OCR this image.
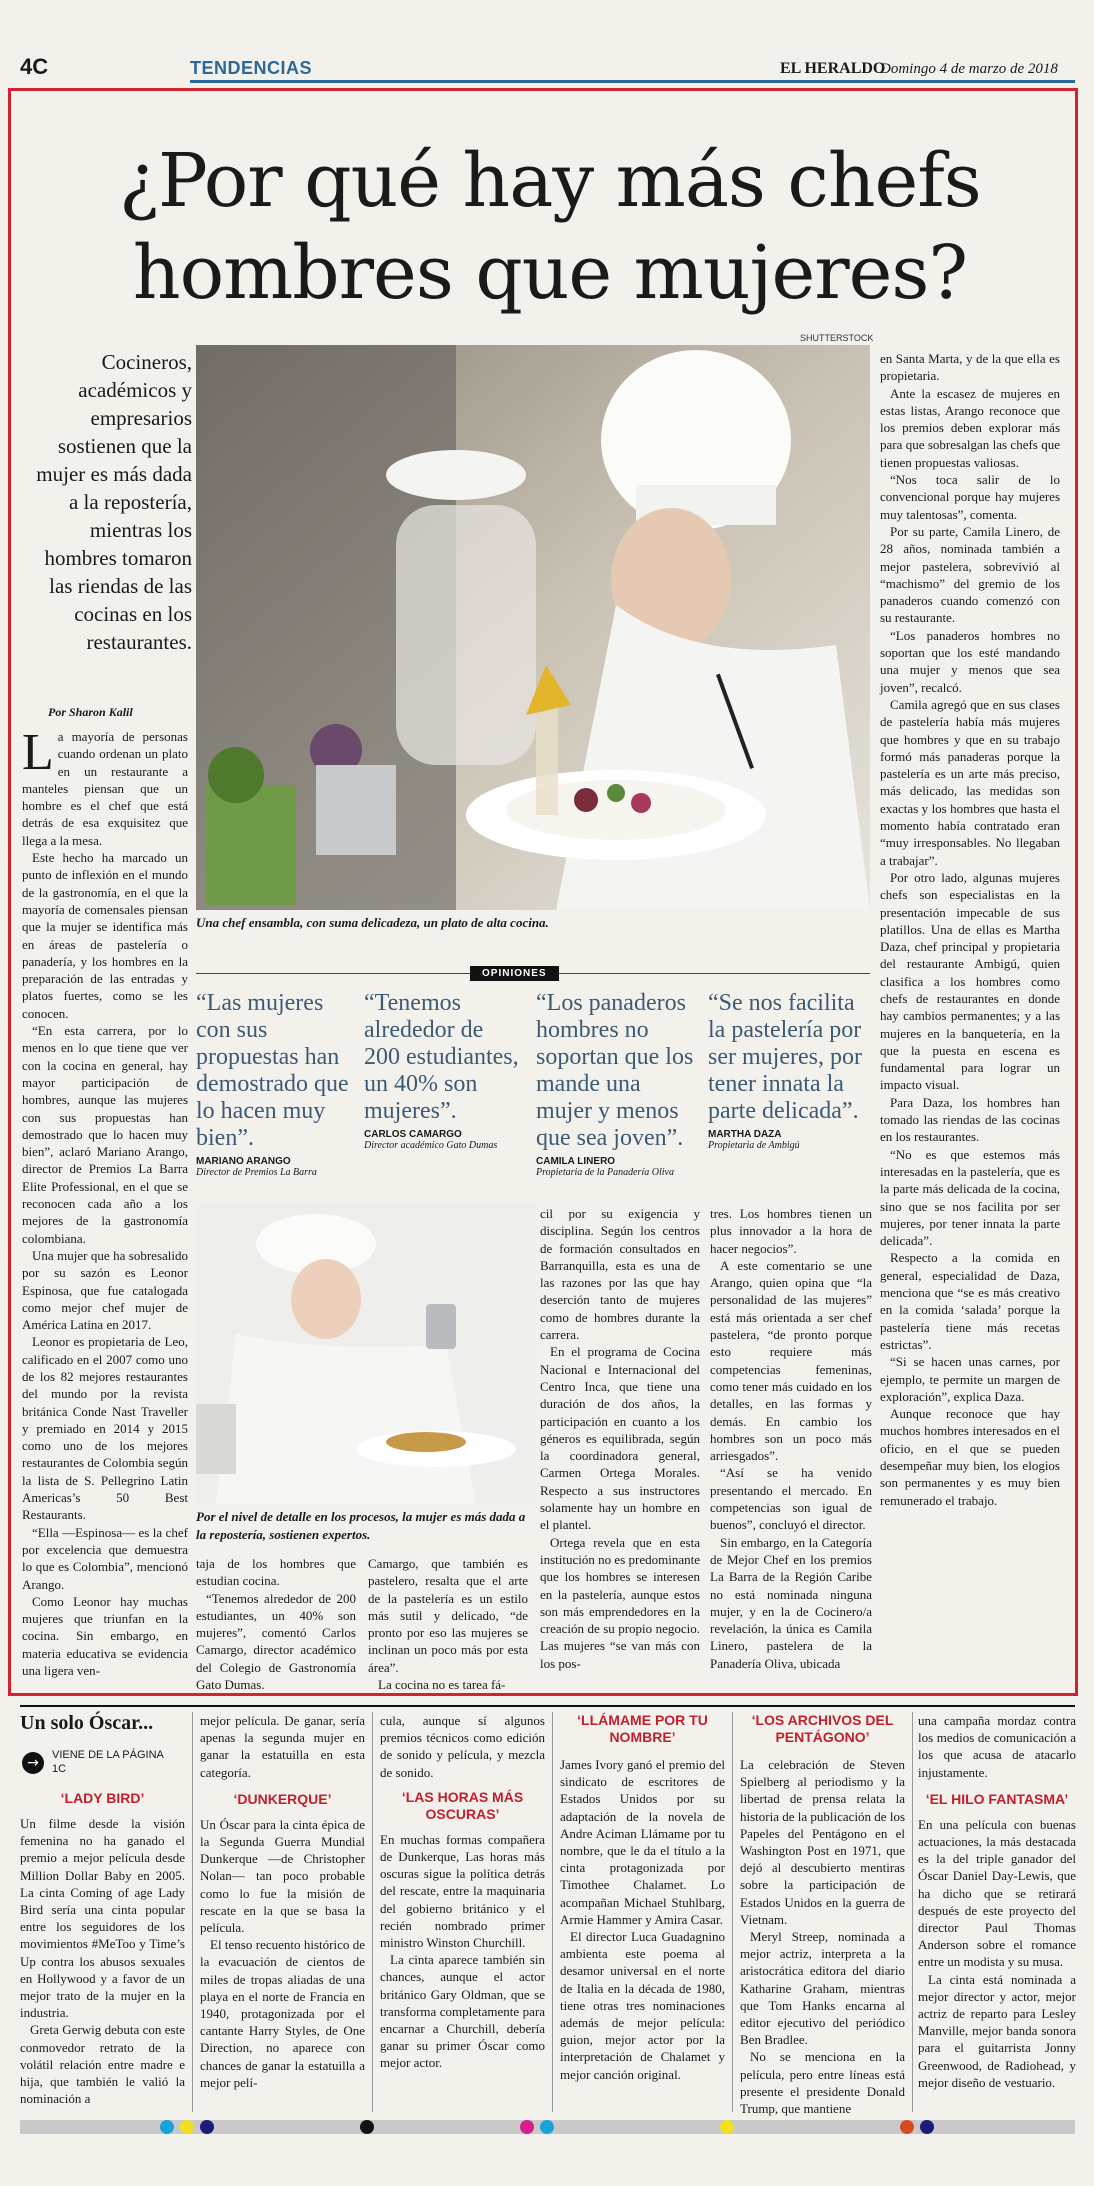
4C	TENDENCIAS	EL HERALDO
Domingo 4 de marzo de 2018
¿Por qué hay más chefs
hombres que mujeres?
SHUTTERSTOCK
Cocineros, académicos y empresarios sostienen que la mujer es más dada a la repostería, mientras los hombres tomaron las riendas de las cocinas en los restaurantes.
Por Sharon Kalil

La mayoría de personas cuando ordenan un plato en un restaurante a manteles piensan que un hombre es el chef que está detrás de esa exquisitez que llega a la mesa.

Este hecho ha marcado un punto de inflexión en el mundo de la gastronomía, en el que la mayoría de comensales piensan que la mujer se identifica más en áreas de pastelería o panadería, y los hombres en la preparación de las entradas y platos fuertes, como se les conocen.

“En esta carrera, por lo menos en lo que tiene que ver con la cocina en general, hay mayor participación de hombres, aunque las mujeres con sus propuestas han demostrado que lo hacen muy bien”, aclaró Mariano Arango, director de Premios La Barra Elite Professional, en el que se reconocen cada año a los mejores de la gastronomía colombiana.

Una mujer que ha sobresalido por su sazón es Leonor Espinosa, que fue catalogada como mejor chef mujer de América Latina en 2017.

Leonor es propietaria de Leo, calificado en el 2007 como uno de los 82 mejores restaurantes del mundo por la revista británica Conde Nast Traveller y premiado en 2014 y 2015 como uno de los mejores restaurantes de Colombia según la lista de S. Pellegrino Latin Americas’s 50 Best Restaurants.

“Ella —Espinosa— es la chef por excelencia que demuestra lo que es Colombia”, mencionó Arango.

Como Leonor hay muchas mujeres que triunfan en la cocina. Sin embargo, en materia educativa se evidencia una ligera ven-

Una chef ensambla, con suma delicadeza, un plato de alta cocina.
OPINIONES
“Las mujeres con sus propuestas han demostrado que lo hacen muy bien”.
MARIANO ARANGO
Director de Premios La Barra
“Tenemos alrededor de 200 estudiantes, un 40% son mujeres”.
CARLOS CAMARGO
Director académico Gato Dumas
“Los panaderos hombres no soportan que los mande una mujer y menos que sea joven”.
CAMILA LINERO
Propietaria de la Panadería Oliva
“Se nos facilita la pastelería por ser mujeres, por tener innata la parte delicada”.
MARTHA DAZA
Propietaria de Ambigú
Por el nivel de detalle en los procesos, la mujer es más dada a la repostería, sostienen expertos.

taja de los hombres que estudian cocina.

“Tenemos alrededor de 200 estudiantes, un 40% son mujeres”, comentó Carlos Camargo, director académico del Colegio de Gastronomía Gato Dumas.

Camargo, que también es pastelero, resalta que el arte de la pastelería es un estilo más sutil y delicado, “de pronto por eso las mujeres se inclinan un poco más por esta área”.

La cocina no es tarea fá-

cil por su exigencia y disciplina. Según los centros de formación consultados en Barranquilla, esta es una de las razones por las que hay deserción tanto de mujeres como de hombres durante la carrera.

En el programa de Cocina Nacional e Internacional del Centro Inca, que tiene una duración de dos años, la participación en cuanto a los géneros es equilibrada, según la coordinadora general, Carmen Ortega Morales. Respecto a sus instructores solamente hay un hombre en el plantel.

Ortega revela que en esta institución no es predominante que los hombres se interesen en la pastelería, aunque estos son más emprendedores en la creación de su propio negocio. Las mujeres “se van más con los pos-

tres. Los hombres tienen un plus innovador a la hora de hacer negocios”.

A este comentario se une Arango, quien opina que “la personalidad de las mujeres” está más orientada a ser chef pastelera, “de pronto porque esto requiere más competencias femeninas, como tener más cuidado en los detalles, en las formas y demás. En cambio los hombres son un poco más arriesgados”.

“Así se ha venido presentando el mercado. En competencias son igual de buenos”, concluyó el director.

Sin embargo, en la Categoría de Mejor Chef en los premios La Barra de la Región Caribe no está nominada ninguna mujer, y en la de Cocinero/a revelación, la única es Camila Linero, pastelera de la Panadería Oliva, ubicada

en Santa Marta, y de la que ella es propietaria.

Ante la escasez de mujeres en estas listas, Arango reconoce que los premios deben explorar más para que sobresalgan las chefs que tienen propuestas valiosas.

“Nos toca salir de lo convencional porque hay mujeres muy talentosas”, comenta.

Por su parte, Camila Linero, de 28 años, nominada también a mejor pastelera, sobrevivió al “machismo” del gremio de los panaderos cuando comenzó con su restaurante.

“Los panaderos hombres no soportan que los esté mandando una mujer y menos que sea joven”, recalcó.

Camila agregó que en sus clases de pastelería había más mujeres que hombres y que en su trabajo formó más panaderas porque la pastelería es un arte más preciso, más delicado, las medidas son exactas y los hombres que hasta el momento había contratado eran “muy irresponsables. No llegaban a trabajar”.

Por otro lado, algunas mujeres chefs son especialistas en la presentación impecable de sus platillos. Una de ellas es Martha Daza, chef principal y propietaria del restaurante Ambigú, quien clasifica a los hombres como chefs de restaurantes en donde hay cambios permanentes; y a las mujeres en la banquetería, en la que la puesta en escena es fundamental para lograr un impacto visual.

Para Daza, los hombres han tomado las riendas de las cocinas en los restaurantes.

“No es que estemos más interesadas en la pastelería, que es la parte más delicada de la cocina, sino que se nos facilita por ser mujeres, por tener innata la parte delicada”.

Respecto a la comida en general, especialidad de Daza, menciona que “se es más creativo en la comida ‘salada’ porque la pastelería tiene más recetas estrictas”.

“Si se hacen unas carnes, por ejemplo, te permite un margen de exploración”, explica Daza.

Aunque reconoce que hay muchos hombres interesados en el oficio, en el que se pueden desempeñar muy bien, los elogios son permanentes y es muy bien remunerado el trabajo.

Un solo Óscar...
→	VIENE DE LA PÁGINA 1C
‘LADY BIRD’

Un filme desde la visión femenina no ha ganado el premio a mejor película desde Million Dollar Baby en 2005. La cinta Coming of age Lady Bird sería una cinta popular entre los seguidores de los movimientos #MeToo y Time’s Up contra los abusos sexuales en Hollywood y a favor de un mejor trato de la mujer en la industria.

Greta Gerwig debuta con este conmovedor retrato de la volátil relación entre madre e hija, que también le valió la nominación a

mejor película. De ganar, sería apenas la segunda mujer en ganar la estatuilla en esta categoría.

‘DUNKERQUE’

Un Óscar para la cinta épica de la Segunda Guerra Mundial Dunkerque —de Christopher Nolan— tan poco probable como lo fue la misión de rescate en la que se basa la película.

El tenso recuento histórico de la evacuación de cientos de miles de tropas aliadas de una playa en el norte de Francia en 1940, protagonizada por el cantante Harry Styles, de One Direction, no aparece con chances de ganar la estatuilla a mejor pelí-

cula, aunque sí algunos premios técnicos como edición de sonido y película, y mezcla de sonido.

‘LAS HORAS MÁS OSCURAS’

En muchas formas compañera de Dunkerque, Las horas más oscuras sigue la política detrás del rescate, entre la maquinaria del gobierno británico y el recién nombrado primer ministro Winston Churchill.

La cinta aparece también sin chances, aunque el actor británico Gary Oldman, que se transforma completamente para encarnar a Churchill, debería ganar su primer Óscar como mejor actor.

‘LLÁMAME POR TU NOMBRE’

James Ivory ganó el premio del sindicato de escritores de Estados Unidos por su adaptación de la novela de Andre Aciman Llámame por tu nombre, que le da el título a la cinta protagonizada por Timothee Chalamet. Lo acompañan Michael Stuhlbarg, Armie Hammer y Amira Casar.

El director Luca Guadagnino ambienta este poema al desamor universal en el norte de Italia en la década de 1980, tiene otras tres nominaciones además de mejor película: guion, mejor actor por la interpretación de Chalamet y mejor canción original.

‘LOS ARCHIVOS DEL PENTÁGONO’

La celebración de Steven Spielberg al periodismo y la libertad de prensa relata la historia de la publicación de los Papeles del Pentágono en el Washington Post en 1971, que dejó al descubierto mentiras sobre la participación de Estados Unidos en la guerra de Vietnam.

Meryl Streep, nominada a mejor actriz, interpreta a la aristocrática editora del diario Katharine Graham, mientras que Tom Hanks encarna al editor ejecutivo del periódico Ben Bradlee.

No se menciona en la película, pero entre líneas está presente el presidente Donald Trump, que mantiene

una campaña mordaz contra los medios de comunicación a los que acusa de atacarlo injustamente.

‘EL HILO FANTASMA’

En una película con buenas actuaciones, la más destacada es la del triple ganador del Óscar Daniel Day-Lewis, que ha dicho que se retirará después de este proyecto del director Paul Thomas Anderson sobre el romance entre un modista y su musa.

La cinta está nominada a mejor director y actor, mejor actriz de reparto para Lesley Manville, mejor banda sonora para el guitarrista Jonny Greenwood, de Radiohead, y mejor diseño de vestuario.
